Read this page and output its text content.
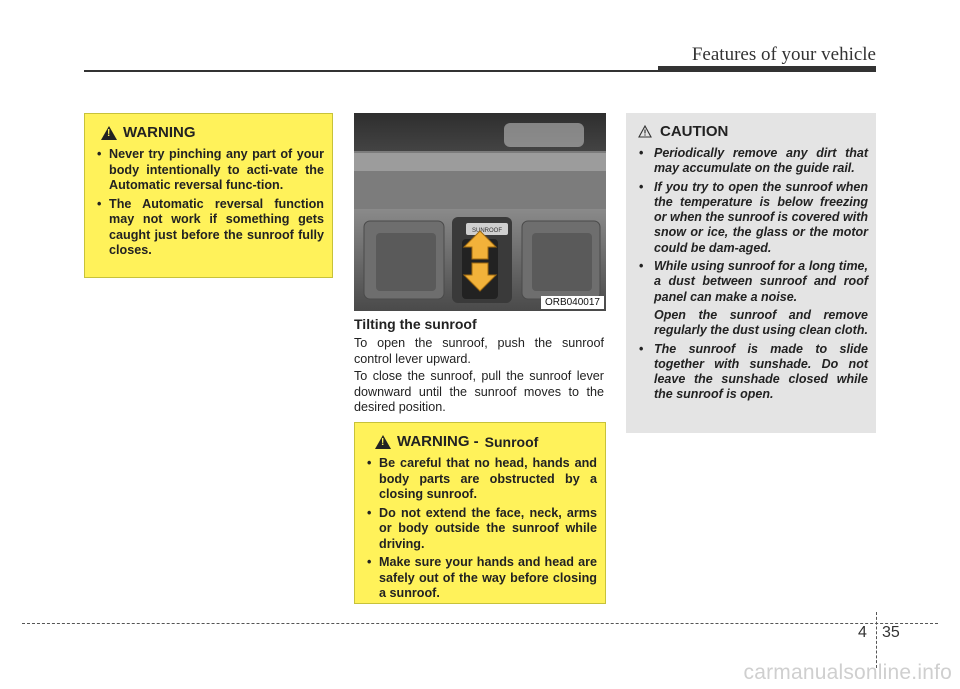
Features of your vehicle
!
WARNING
• Never try pinching any part of your body intentionally to acti-vate the Automatic reversal func-tion.
• The Automatic reversal function may not work if something gets caught just before the sunroof fully closes.
SUNROOF
ORB040017
Tilting the sunroof

To open the sunroof, push the sunroof control lever upward.

To close the sunroof, pull the sunroof lever downward until the sunroof moves to the desired position.

!
WARNING - Sunroof
• Be careful that no head, hands and body parts are obstructed by a closing sunroof.
• Do not extend the face, neck, arms or body outside the sunroof while driving.
• Make sure your hands and head are safely out of the way before closing a sunroof.
CAUTION
• Periodically remove any dirt that may accumulate on the guide rail.
• If you try to open the sunroof when the temperature is below freezing or when the sunroof is covered with snow or ice, the glass or the motor could be dam-aged.
• While using sunroof for a long time, a dust between sunroof and roof panel can make a noise.
Open the sunroof and remove regularly the dust using clean cloth.
• The sunroof is made to slide together with sunshade. Do not leave the sunshade closed while the sunroof is open.
4 35
carmanualsonline.info
